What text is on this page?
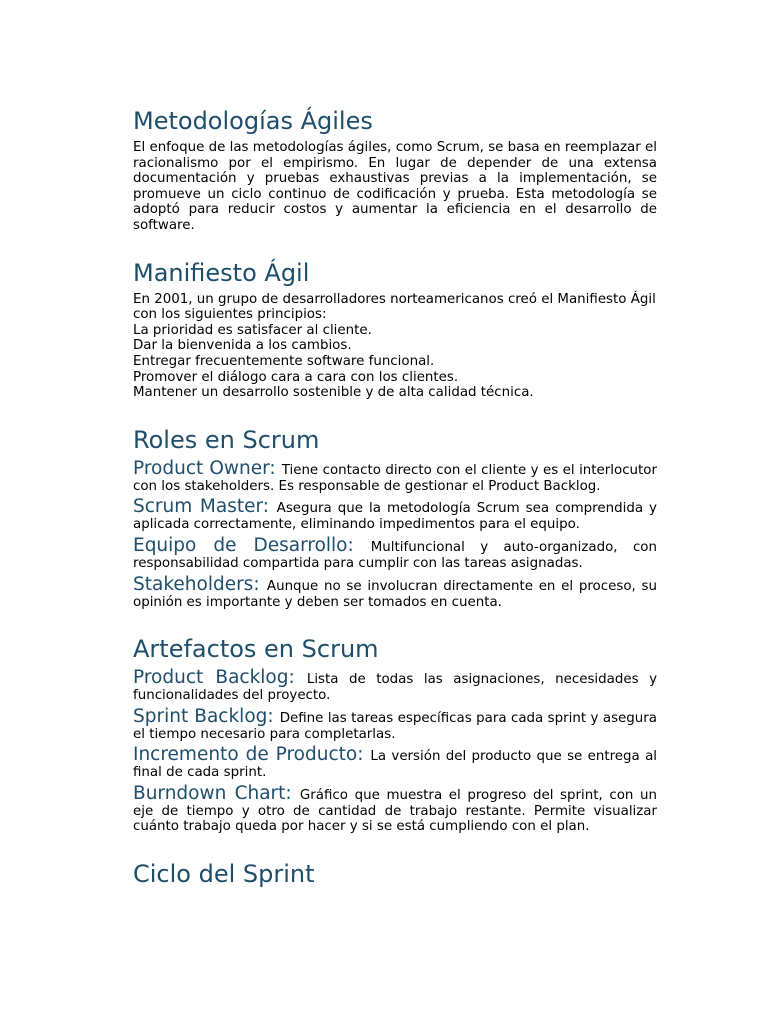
Metodologías Ágiles

El enfoque de las metodologías ágiles, como Scrum, se basa en reemplazar el racionalismo por el empirismo. En lugar de depender de una extensa documentación y pruebas exhaustivas previas a la implementación, se promueve un ciclo continuo de codificación y prueba. Esta metodología se adoptó para reducir costos y aumentar la eficiencia en el desarrollo de software.

Manifiesto Ágil
En 2001, un grupo de desarrolladores norteamericanos creó el Manifiesto Ágil con los siguientes principios:
La prioridad es satisfacer al cliente.
Dar la bienvenida a los cambios.
Entregar frecuentemente software funcional.
Promover el diálogo cara a cara con los clientes.
Mantener un desarrollo sostenible y de alta calidad técnica.
Roles en Scrum

Product Owner: Tiene contacto directo con el cliente y es el interlocutor con los stakeholders. Es responsable de gestionar el Product Backlog.

Scrum Master: Asegura que la metodología Scrum sea comprendida y aplicada correctamente, eliminando impedimentos para el equipo.

Equipo de Desarrollo: Multifuncional y auto-organizado, con responsabilidad compartida para cumplir con las tareas asignadas.

Stakeholders: Aunque no se involucran directamente en el proceso, su opinión es importante y deben ser tomados en cuenta.

Artefactos en Scrum

Product Backlog: Lista de todas las asignaciones, necesidades y funcionalidades del proyecto.

Sprint Backlog: Define las tareas específicas para cada sprint y asegura el tiempo necesario para completarlas.

Incremento de Producto: La versión del producto que se entrega al final de cada sprint.

Burndown Chart: Gráfico que muestra el progreso del sprint, con un eje de tiempo y otro de cantidad de trabajo restante. Permite visualizar cuánto trabajo queda por hacer y si se está cumpliendo con el plan.

Ciclo del Sprint
